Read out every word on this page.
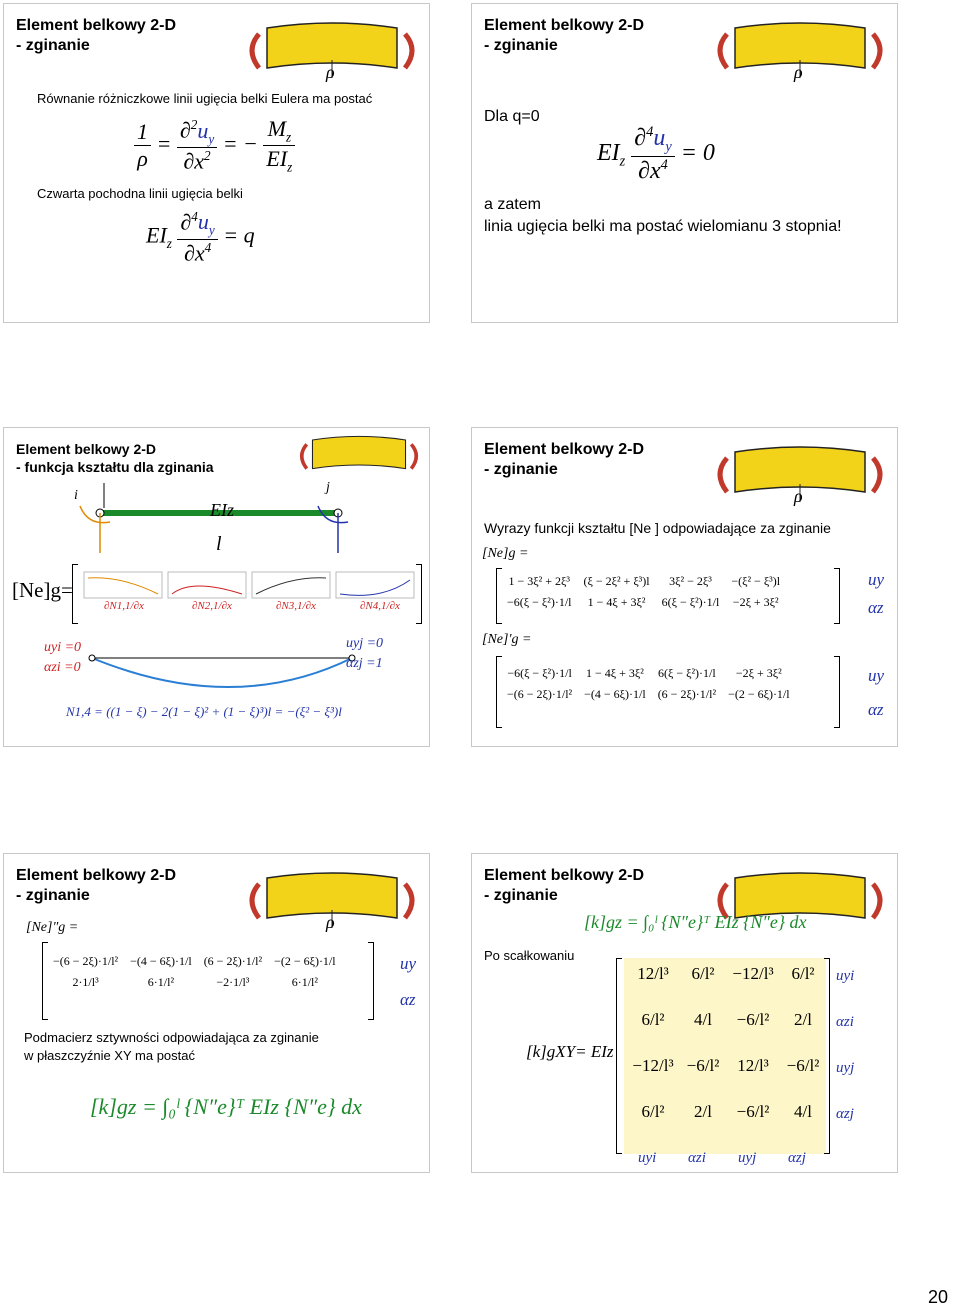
Element belkowy 2-D
- zginanie
ρ
Równanie różniczkowe linii ugięcia belki Eulera ma postać
$\frac{1}{\rho} = \frac{\partial^2u_y}{\partial x^2}$ = − $\frac{M_z}{EI_z}$
Czwarta pochodna linii ugięcia belki
$EI_z \frac{\partial^4u_y}{\partial x^4} = q$
Element belkowy 2-D
- zginanie
ρ
Dla q=0
$EI_z \frac{\partial^4u_y}{\partial x^4} = 0$
a zatem
linia ugięcia belki ma postać wielomianu 3 stopnia!
Element belkowy 2-D
- funkcja kształtu dla zginania
i
j
EIz
l
[Ne]g=
∂N1,1/∂x	∂N2,1/∂x	∂N3,1/∂x	∂N4,1/∂x
uyi =0
αzi =0
uyj =0
αzj =1
N1,4 = ((1 − ξ) − 2(1 − ξ)² + (1 − ξ)³)l = −(ξ² − ξ³)l
Element belkowy 2-D
- zginanie
ρ
Wyrazy funkcji kształtu [Ne ] odpowiadające za zginanie
[Ne]g =
1 − 3ξ² + 2ξ³	(ξ − 2ξ² + ξ³)l	3ξ² − 2ξ³	−(ξ² − ξ³)l
−6(ξ − ξ²)·1/l	1 − 4ξ + 3ξ²	6(ξ − ξ²)·1/l	−2ξ + 3ξ²
uy
αz
[Ne]′g =
−6(ξ − ξ²)·1/l	1 − 4ξ + 3ξ²	6(ξ − ξ²)·1/l	−2ξ + 3ξ²
−(6 − 2ξ)·1/l²	−(4 − 6ξ)·1/l	(6 − 2ξ)·1/l²	−(2 − 6ξ)·1/l
uy
αz
Element belkowy 2-D
- zginanie
ρ
[Ne]″g =
−(6 − 2ξ)·1/l²	−(4 − 6ξ)·1/l	(6 − 2ξ)·1/l²	−(2 − 6ξ)·1/l
2·1/l³	6·1/l²	−2·1/l³	6·1/l²
uy
αz
Podmacierz sztywności odpowiadająca za zginanie
w płaszczyźnie XY ma postać
[k]gz = ∫₀ˡ {N″e}ᵀ EIz {N″e} dx
Element belkowy 2-D
- zginanie
[k]gz = ∫₀ˡ {N″e}ᵀ EIz {N″e} dx
Po scałkowaniu
[k]gXY= EIz
12/l³	6/l²	−12/l³	6/l²	uyi
6/l²	4/l	−6/l²	2/l	αzi
−12/l³ −6/l²	12/l³	−6/l²	uyj
6/l²	2/l	−6/l²	4/l	αzj
uyi αzi uyj αzj
20
